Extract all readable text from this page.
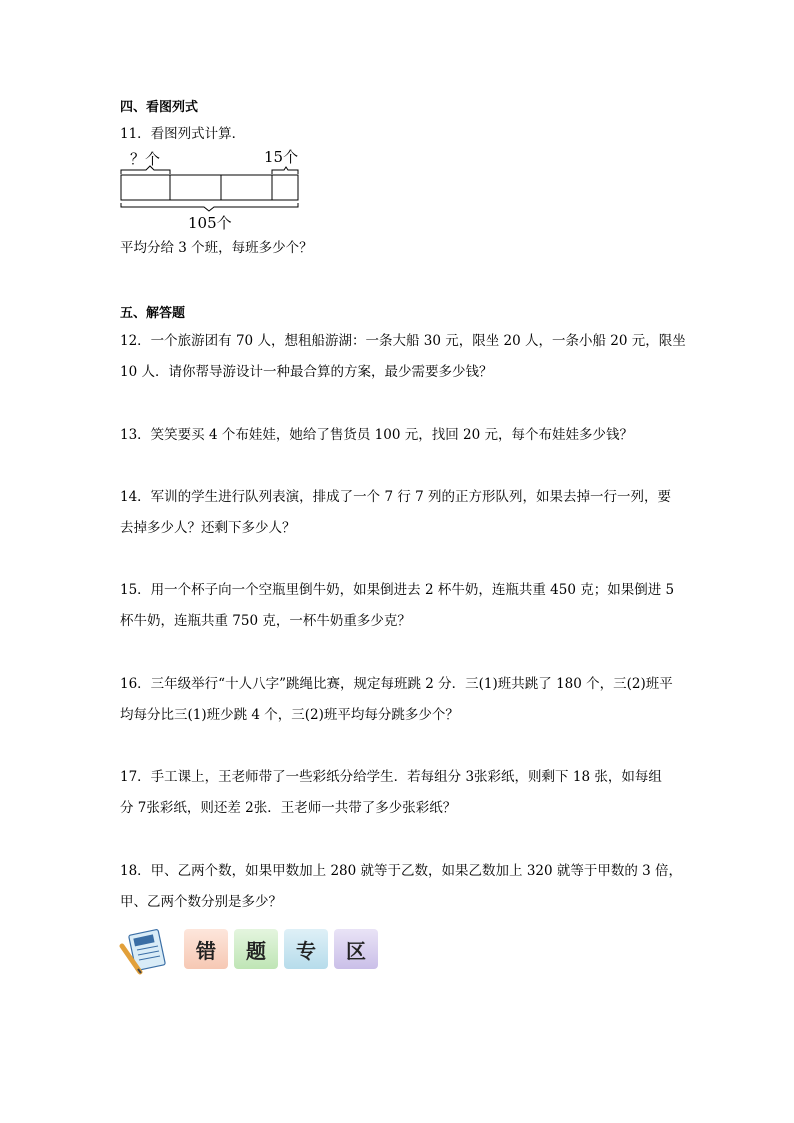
四、看图列式
11．看图列式计算．
？个	15个
105个
平均分给 3 个班，每班多少个？
五、解答题
12．一个旅游团有 70 人，想租船游湖：一条大船 30 元，限坐 20 人，一条小船 20 元，限坐
10 人．请你帮导游设计一种最合算的方案，最少需要多少钱？
13．笑笑要买 4 个布娃娃，她给了售货员 100 元，找回 20 元，每个布娃娃多少钱？
14．军训的学生进行队列表演，排成了一个 7 行 7 列的正方形队列，如果去掉一行一列，要
去掉多少人？还剩下多少人？
15．用一个杯子向一个空瓶里倒牛奶，如果倒进去 2 杯牛奶，连瓶共重 450 克；如果倒进 5
杯牛奶，连瓶共重 750 克，一杯牛奶重多少克？
16．三年级举行“十人八字”跳绳比赛，规定每班跳 2 分．三(1)班共跳了 180 个，三(2)班平
均每分比三(1)班少跳 4 个，三(2)班平均每分跳多少个？
17．手工课上，王老师带了一些彩纸分给学生．若每组分 3张彩纸，则剩下 18 张，如每组
分 7张彩纸，则还差 2张．王老师一共带了多少张彩纸？
18．甲、乙两个数，如果甲数加上 280 就等于乙数，如果乙数加上 320 就等于甲数的 3 倍，
甲、乙两个数分别是多少？
错	题	专	区
